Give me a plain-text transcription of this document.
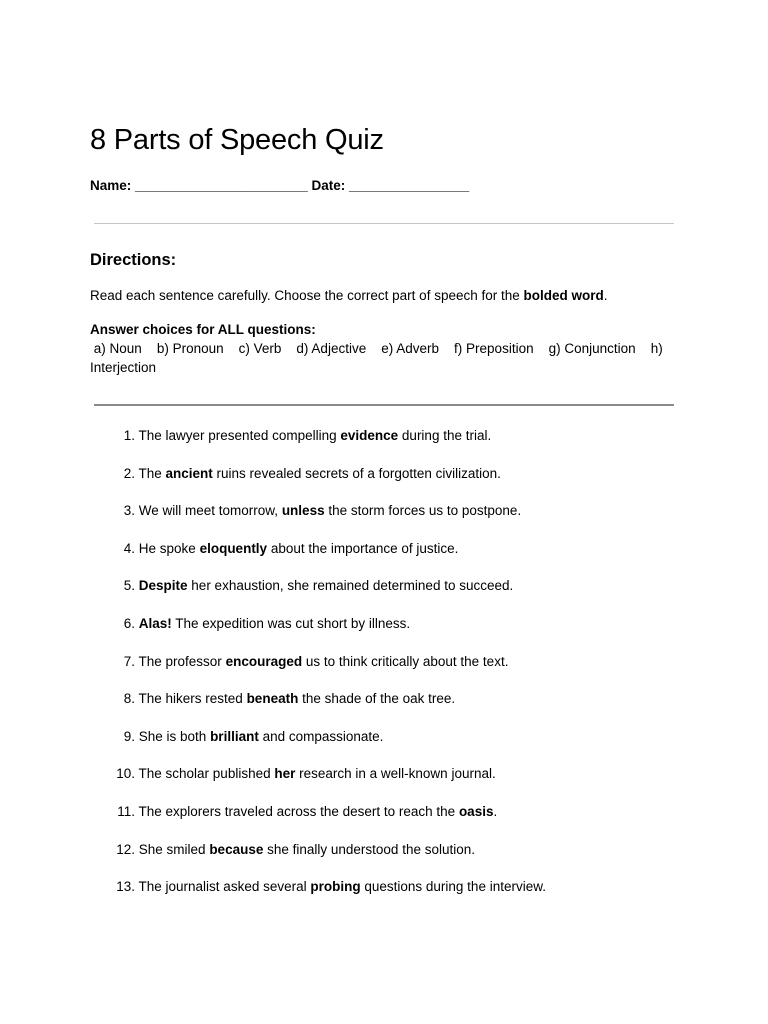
8 Parts of Speech Quiz
Name: _______________________ Date: ________________
Directions:
Read each sentence carefully. Choose the correct part of speech for the bolded word.
Answer choices for ALL questions:
a) Noun b) Pronoun c) Verb d) Adjective e) Adverb f) Preposition g) Conjunction h) Interjection
1. The lawyer presented compelling evidence during the trial.
2. The ancient ruins revealed secrets of a forgotten civilization.
3. We will meet tomorrow, unless the storm forces us to postpone.
4. He spoke eloquently about the importance of justice.
5. Despite her exhaustion, she remained determined to succeed.
6. Alas! The expedition was cut short by illness.
7. The professor encouraged us to think critically about the text.
8. The hikers rested beneath the shade of the oak tree.
9. She is both brilliant and compassionate.
10. The scholar published her research in a well-known journal.
11. The explorers traveled across the desert to reach the oasis.
12. She smiled because she finally understood the solution.
13. The journalist asked several probing questions during the interview.
